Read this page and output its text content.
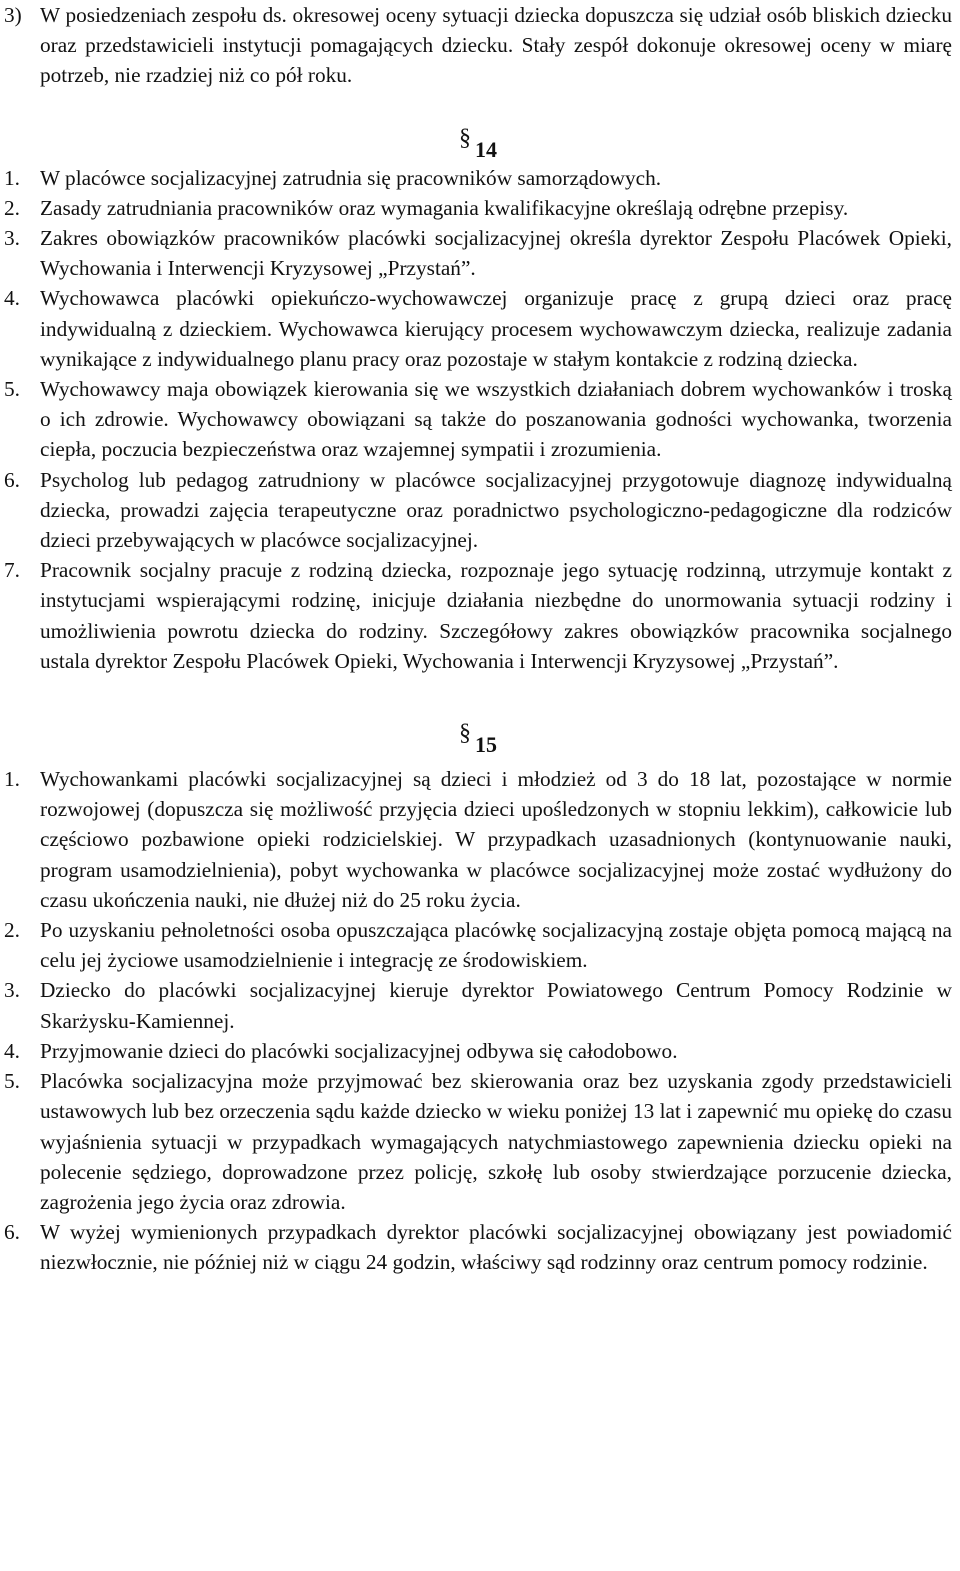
3) W posiedzeniach zespołu ds. okresowej oceny sytuacji dziecka dopuszcza się udział osób bliskich dziecku oraz przedstawicieli instytucji pomagających dziecku. Stały zespół dokonuje okresowej oceny w miarę potrzeb, nie rzadziej niż co pół roku.
§ 14
1. W placówce socjalizacyjnej zatrudnia się pracowników samorządowych.
2. Zasady zatrudniania pracowników oraz wymagania kwalifikacyjne określają odrębne przepisy.
3. Zakres obowiązków pracowników placówki socjalizacyjnej określa dyrektor Zespołu Placówek Opieki, Wychowania i Interwencji Kryzysowej „Przystań”.
4. Wychowawca placówki opiekuńczo-wychowawczej organizuje pracę z grupą dzieci oraz pracę indywidualną z dzieckiem. Wychowawca kierujący procesem wychowawczym dziecka, realizuje zadania wynikające z indywidualnego planu pracy oraz pozostaje w stałym kontakcie z rodziną dziecka.
5. Wychowawcy maja obowiązek kierowania się we wszystkich działaniach dobrem wychowanków i troską o ich zdrowie. Wychowawcy obowiązani są także do poszanowania godności wychowanka, tworzenia ciepła, poczucia bezpieczeństwa oraz wzajemnej sympatii i zrozumienia.
6. Psycholog lub pedagog zatrudniony w placówce socjalizacyjnej przygotowuje diagnozę indywidualną dziecka, prowadzi zajęcia terapeutyczne oraz poradnictwo psychologiczno-pedagogiczne dla rodziców dzieci przebywających w placówce socjalizacyjnej.
7. Pracownik socjalny pracuje z rodziną dziecka, rozpoznaje jego sytuację rodzinną, utrzymuje kontakt z instytucjami wspierającymi rodzinę, inicjuje działania niezbędne do unormowania sytuacji rodziny i umożliwienia powrotu dziecka do rodziny. Szczegółowy zakres obowiązków pracownika socjalnego ustala dyrektor Zespołu Placówek Opieki, Wychowania i Interwencji Kryzysowej „Przystań”.
§ 15
1. Wychowankami placówki socjalizacyjnej są dzieci i młodzież od 3 do 18 lat, pozostające w normie rozwojowej (dopuszcza się możliwość przyjęcia dzieci upośledzonych w stopniu lekkim), całkowicie lub częściowo pozbawione opieki rodzicielskiej. W przypadkach uzasadnionych (kontynuowanie nauki, program usamodzielnienia), pobyt wychowanka w placówce socjalizacyjnej może zostać wydłużony do czasu ukończenia nauki, nie dłużej niż do 25 roku życia.
2. Po uzyskaniu pełnoletności osoba opuszczająca placówkę socjalizacyjną zostaje objęta pomocą mającą na celu jej życiowe usamodzielnienie i integrację ze środowiskiem.
3. Dziecko do placówki socjalizacyjnej kieruje dyrektor Powiatowego Centrum Pomocy Rodzinie w Skarżysku-Kamiennej.
4. Przyjmowanie dzieci do placówki socjalizacyjnej odbywa się całodobowo.
5. Placówka socjalizacyjna może przyjmować bez skierowania oraz bez uzyskania zgody przedstawicieli ustawowych lub bez orzeczenia sądu każde dziecko w wieku poniżej 13 lat i zapewnić mu opiekę do czasu wyjaśnienia sytuacji w przypadkach wymagających natychmiastowego zapewnienia dziecku opieki na polecenie sędziego, doprowadzone przez policję, szkołę lub osoby stwierdzające porzucenie dziecka, zagrożenia jego życia oraz zdrowia.
6. W wyżej wymienionych przypadkach dyrektor placówki socjalizacyjnej obowiązany jest powiadomić niezwłocznie, nie później niż w ciągu 24 godzin, właściwy sąd rodzinny oraz centrum pomocy rodzinie.
